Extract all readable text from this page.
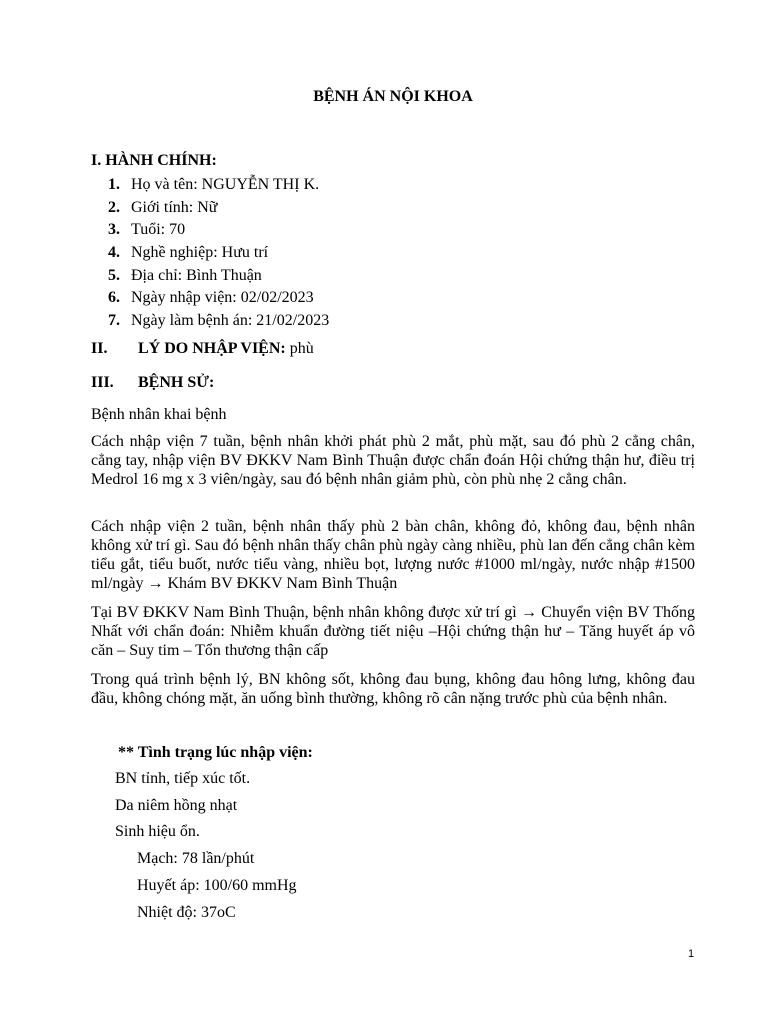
BỆNH ÁN NỘI KHOA

I. HÀNH CHÍNH:

1. Họ và tên: NGUYỄN THỊ K.
2. Giới tính: Nữ
3. Tuổi: 70
4. Nghề nghiệp: Hưu trí
5. Địa chỉ: Bình Thuận
6. Ngày nhập viện: 02/02/2023
7. Ngày làm bệnh án: 21/02/2023

II. LÝ DO NHẬP VIỆN: phù

III. BỆNH SỬ:

Bệnh nhân khai bệnh

Cách nhập viện 7 tuần, bệnh nhân khởi phát phù 2 mắt, phù mặt, sau đó phù 2 cẳng chân, cẳng tay, nhập viện BV ĐKKV Nam Bình Thuận được chẩn đoán Hội chứng thận hư, điều trị Medrol 16 mg x 3 viên/ngày, sau đó bệnh nhân giảm phù, còn phù nhẹ 2 cẳng chân.

Cách nhập viện 2 tuần, bệnh nhân thấy phù 2 bàn chân, không đỏ, không đau, bệnh nhân không xử trí gì. Sau đó bệnh nhân thấy chân phù ngày càng nhiều, phù lan đến cẳng chân kèm tiểu gắt, tiểu buốt, nước tiểu vàng, nhiều bọt, lượng nước #1000 ml/ngày, nước nhập #1500 ml/ngày → Khám BV ĐKKV Nam Bình Thuận

Tại BV ĐKKV Nam Bình Thuận, bệnh nhân không được xử trí gì → Chuyển viện BV Thống Nhất với chẩn đoán: Nhiễm khuẩn đường tiết niệu –Hội chứng thận hư – Tăng huyết áp vô căn – Suy tim – Tổn thương thận cấp

Trong quá trình bệnh lý, BN không sốt, không đau bụng, không đau hông lưng, không đau đầu, không chóng mặt, ăn uống bình thường, không rõ cân nặng trước phù của bệnh nhân.

** Tình trạng lúc nhập viện:

BN tỉnh, tiếp xúc tốt.

Da niêm hồng nhạt

Sinh hiệu ổn.

Mạch: 78 lần/phút

Huyết áp: 100/60 mmHg

Nhiệt độ: 37oC

1
